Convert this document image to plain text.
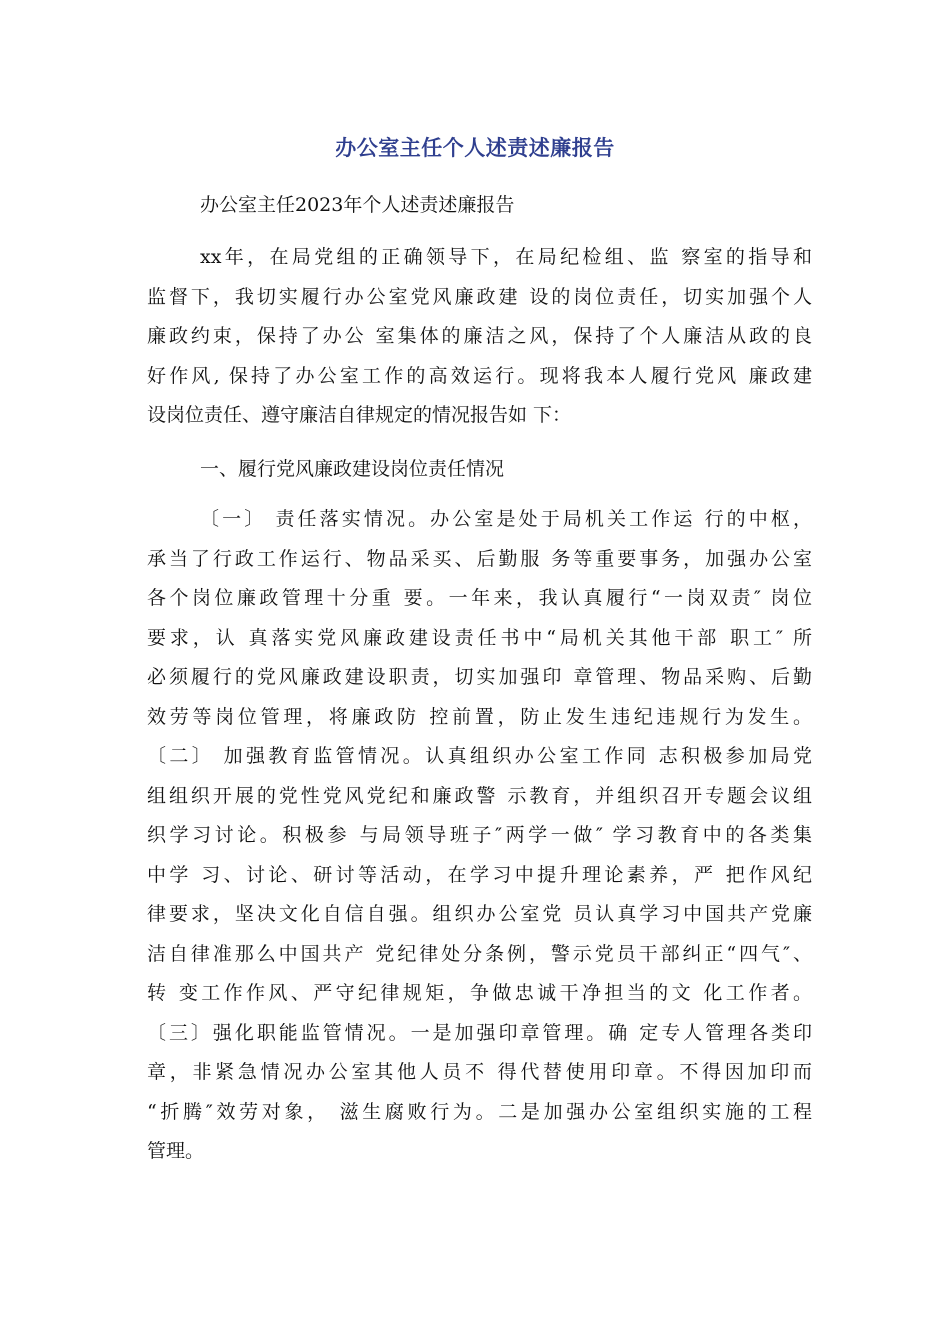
办公室主任个人述责述廉报告
办公室主任2023年个人述责述廉报告
xx年，在局党组的正确领导下，在局纪检组、监 察室的指导和
监督下，我切实履行办公室党风廉政建 设的岗位责任，切实加强个人
廉政约束，保持了办公 室集体的廉洁之风，保持了个人廉洁从政的良
好作风, 保持了办公室工作的高效运行。现将我本人履行党风 廉政建
设岗位责任、遵守廉洁自律规定的情况报告如 下：
一、履行党风廉政建设岗位责任情况
〔一〕 责任落实情况。办公室是处于局机关工作运 行的中枢，
承当了行政工作运行、物品采买、后勤服 务等重要事务，加强办公室
各个岗位廉政管理十分重 要。一年来，我认真履行“一岗双责″ 岗位
要求，认 真落实党风廉政建设责任书中“局机关其他干部 职工″ 所
必须履行的党风廉政建设职责，切实加强印 章管理、物品采购、后勤
效劳等岗位管理，将廉政防 控前置，防止发生违纪违规行为发生。
〔二〕 加强教育监管情况。认真组织办公室工作同 志积极参加局党
组组织开展的党性党风党纪和廉政警 示教育，并组织召开专题会议组
织学习讨论。积极参 与局领导班子″两学一做″ 学习教育中的各类集
中学 习、讨论、研讨等活动，在学习中提升理论素养，严 把作风纪
律要求，坚决文化自信自强。组织办公室党 员认真学习中国共产党廉
洁自律准那么中国共产 党纪律处分条例，警示党员干部纠正“四气″、
转 变工作作风、严守纪律规矩，争做忠诚干净担当的文 化工作者。
〔三〕强化职能监管情况。一是加强印章管理。确 定专人管理各类印
章，非紧急情况办公室其他人员不 得代替使用印章。不得因加印而
“折腾″效劳对象， 滋生腐败行为。二是加强办公室组织实施的工程
管理。
